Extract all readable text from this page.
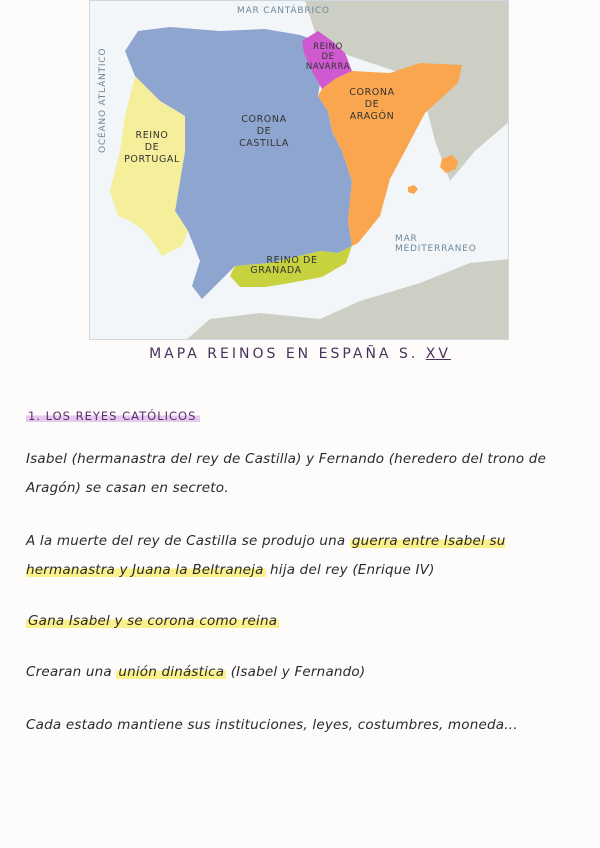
MAR CANTÁBRICO
OCÉANO ATLÁNTICO
MAR
MEDITERRANEO
REINO
DE
PORTUGAL
CORONA
DE
CASTILLA
REINO
DE
NAVARRA
CORONA
DE
ARAGÓN
REINO DE
GRANADA
MAPA REINOS EN ESPAÑA S. XV

1. LOS REYES CATÓLICOS

Isabel (hermanastra del rey de Castilla) y Fernando (heredero del trono de Aragón) se casan en secreto.

A la muerte del rey de Castilla se produjo una guerra entre Isabel su hermanastra y Juana la Beltraneja hija del rey (Enrique IV)

Gana Isabel y se corona como reina

Crearan una unión dinástica (Isabel y Fernando)

Cada estado mantiene sus instituciones, leyes, costumbres, moneda...
